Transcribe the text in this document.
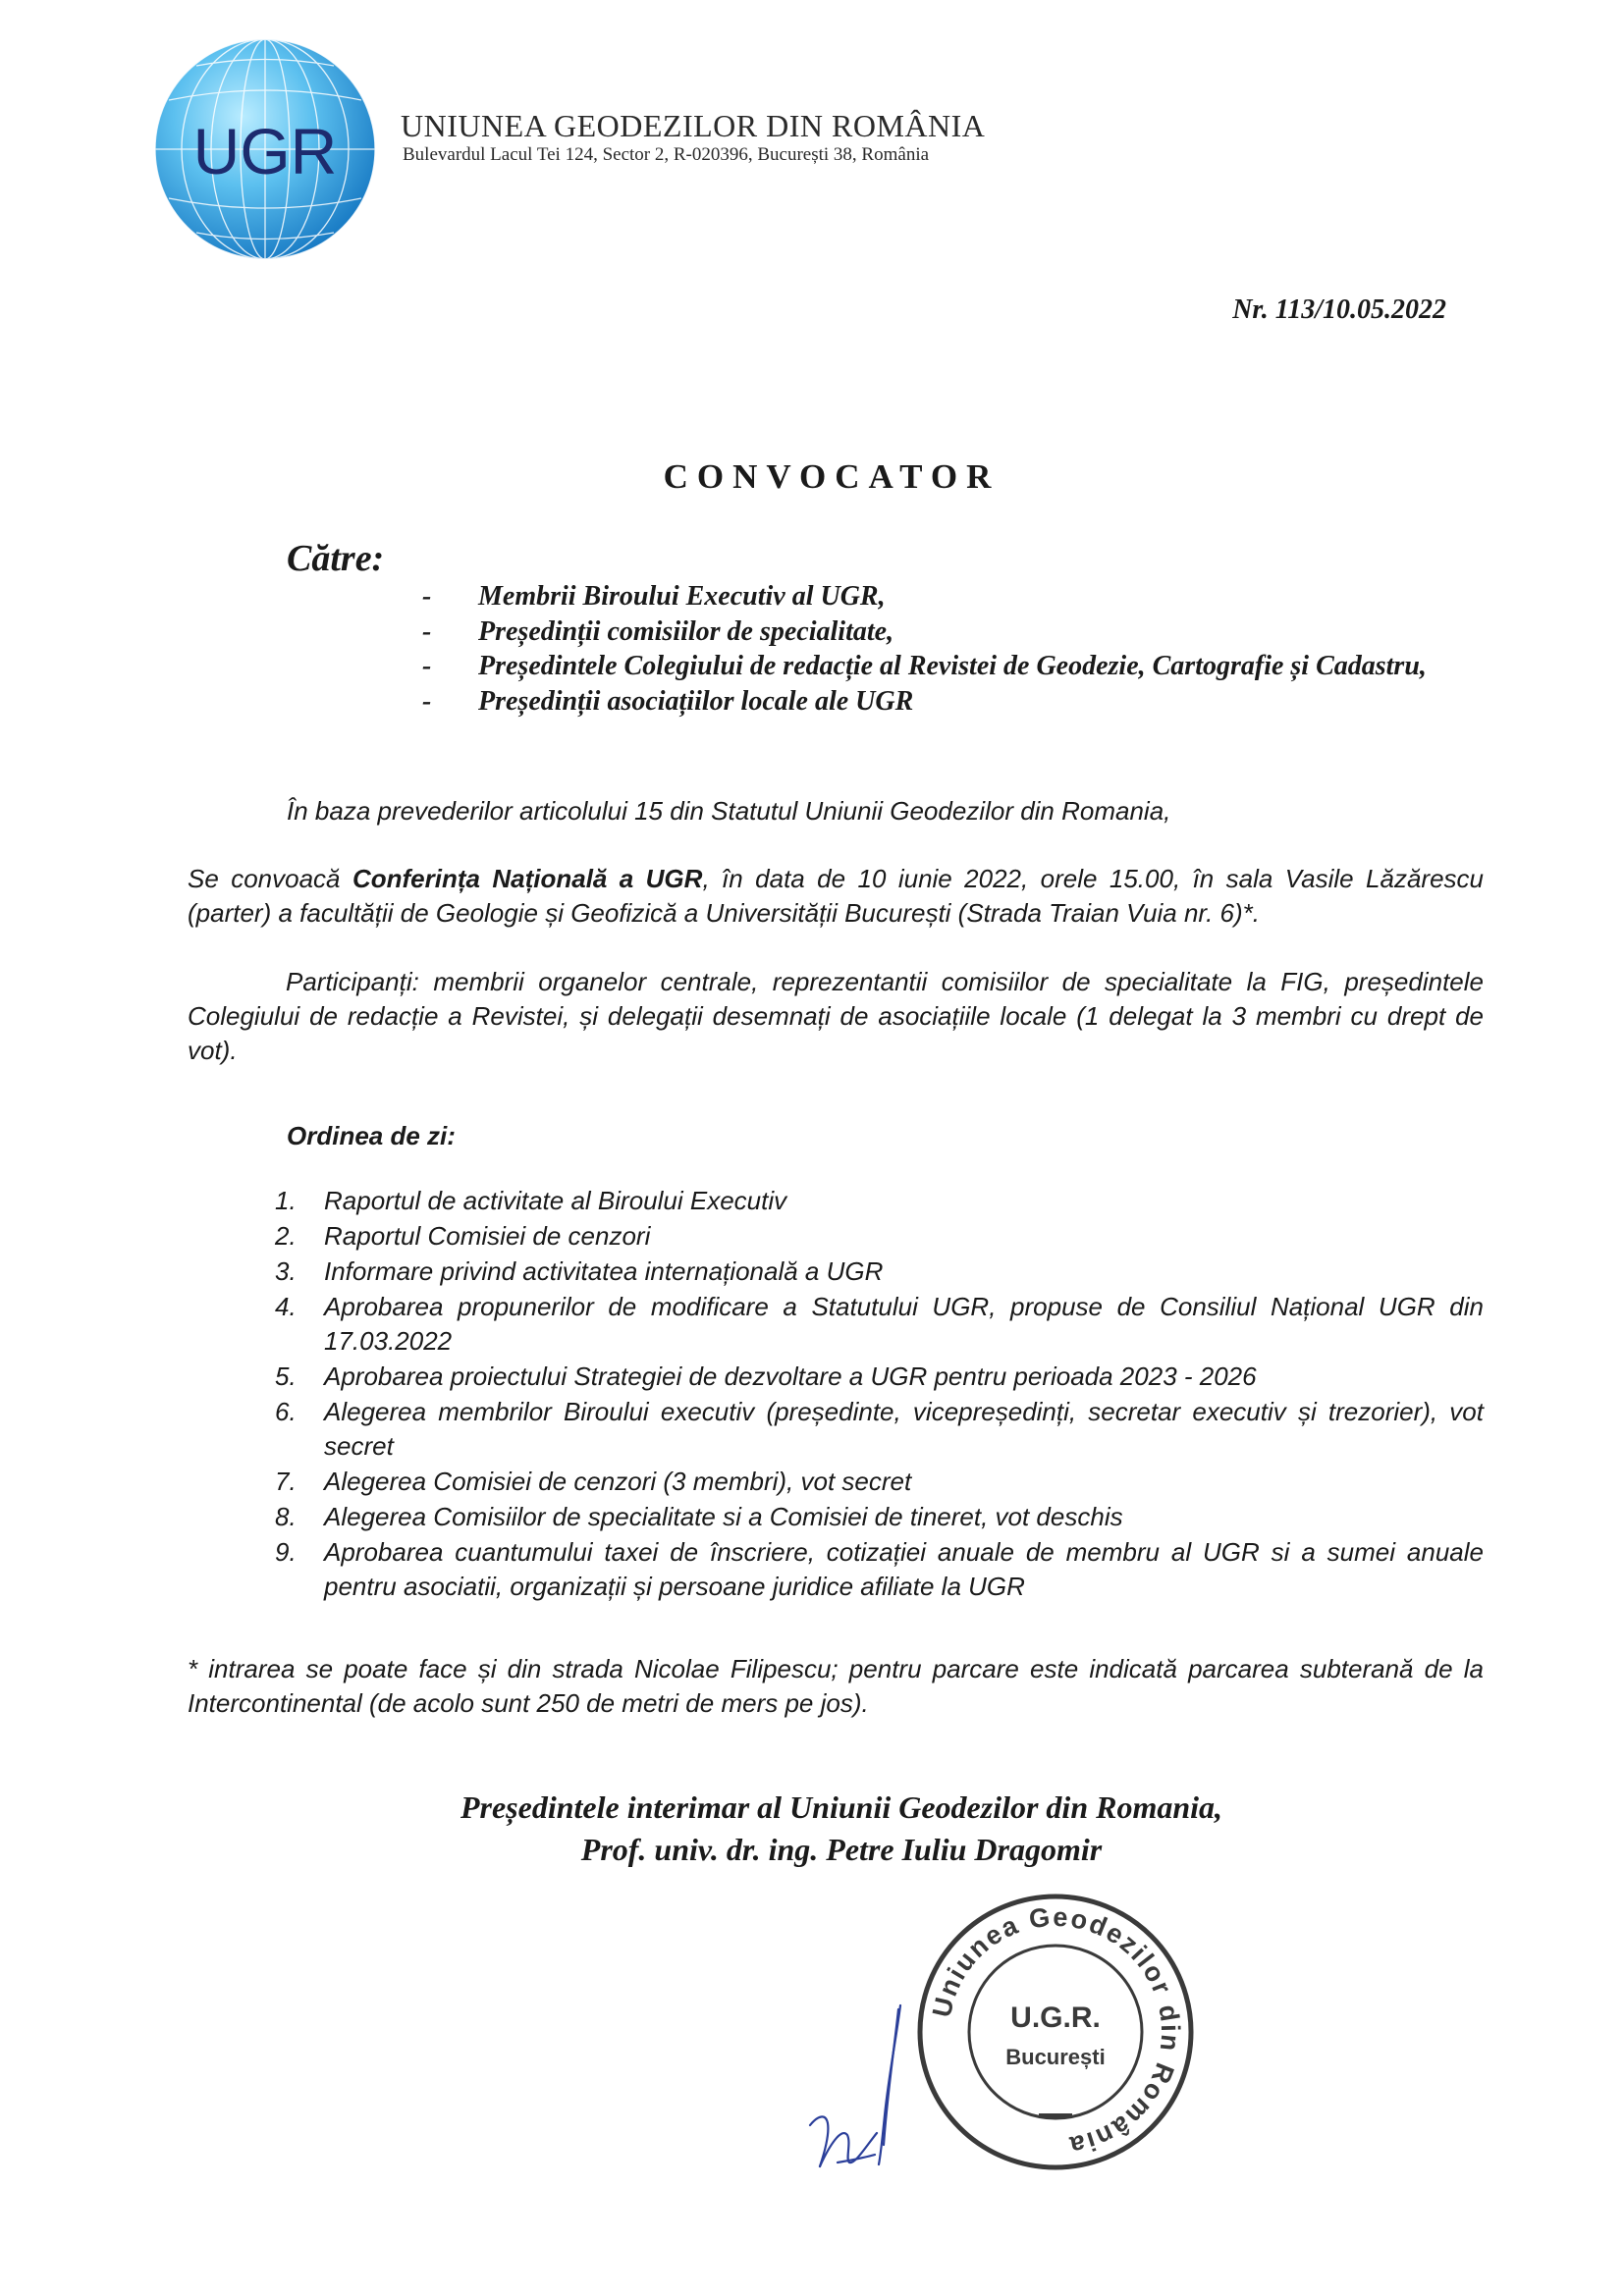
UGR UNIUNEA GEODEZILOR DIN ROMÂNIA
Bulevardul Lacul Tei 124, Sector 2, R-020396, București 38, România
Nr. 113/10.05.2022
CONVOCATOR
Către:
- Membrii Biroului Executiv al UGR,
- Președinții comisiilor de specialitate,
- Președintele Colegiului de redacție al Revistei de Geodezie, Cartografie și Cadastru,
- Președinții asociațiilor locale ale UGR
În baza prevederilor articolului 15 din Statutul Uniunii Geodezilor din Romania,
Se convoacă Conferința Națională a UGR, în data de 10 iunie 2022, orele 15.00, în sala Vasile Lăzărescu (parter) a facultății de Geologie și Geofizică a Universității București (Strada Traian Vuia nr. 6)*.
Participanți: membrii organelor centrale, reprezentantii comisiilor de specialitate la FIG, președintele Colegiului de redacție a Revistei, și delegații desemnați de asociațiile locale (1 delegat la 3 membri cu drept de vot).
Ordinea de zi:
1. Raportul de activitate al Biroului Executiv
2. Raportul Comisiei de cenzori
3. Informare privind activitatea internațională a UGR
4. Aprobarea propunerilor de modificare a Statutului UGR, propuse de Consiliul Național UGR din 17.03.2022
5. Aprobarea proiectului Strategiei de dezvoltare a UGR pentru perioada 2023 - 2026
6. Alegerea membrilor Biroului executiv (președinte, vicepreședinți, secretar executiv și trezorier), vot secret
7. Alegerea Comisiei de cenzori (3 membri), vot secret
8. Alegerea Comisiilor de specialitate si a Comisiei de tineret, vot deschis
9. Aprobarea cuantumului taxei de înscriere, cotizației anuale de membru al UGR si a sumei anuale pentru asociatii, organizații și persoane juridice afiliate la UGR
* intrarea se poate face și din strada Nicolae Filipescu; pentru parcare este indicată parcarea subterană de la Intercontinental (de acolo sunt 250 de metri de mers pe jos).
Președintele interimar al Uniunii Geodezilor din Romania,
Prof. univ. dr. ing. Petre Iuliu Dragomir
Uniunea Geodezilor din România
U.G.R.
București
